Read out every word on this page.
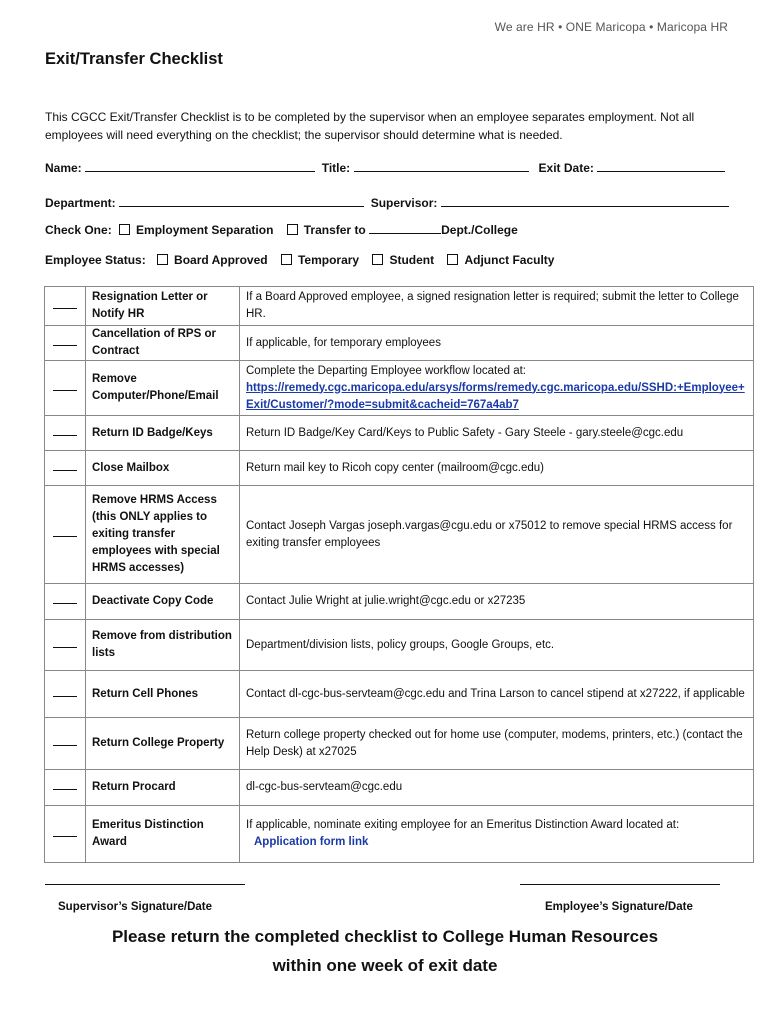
We are HR • ONE Maricopa • Maricopa HR
Exit/Transfer Checklist
This CGCC Exit/Transfer Checklist is to be completed by the supervisor when an employee separates employment. Not all employees will need everything on the checklist; the supervisor should determine what is needed.
Name:	Title:	Exit Date:
Department:	Supervisor:
Check One: Employment Separation	Transfer to	Dept./College
Employee Status: Board Approved	Temporary	Student	Adjunct Faculty
	Resignation Letter or Notify HR	If a Board Approved employee, a signed resignation letter is required; submit the letter to College HR.
	Cancellation of RPS or Contract	If applicable, for temporary employees
	Remove Computer/Phone/Email	Complete the Departing Employee workflow located at:
https://remedy.cgc.maricopa.edu/arsys/forms/remedy.cgc.maricopa.edu/SSHD:+Employee+Exit/Customer/?mode=submit&cacheid=767a4ab7
	Return ID Badge/Keys	Return ID Badge/Key Card/Keys to Public Safety - Gary Steele - gary.steele@cgc.edu
	Close Mailbox	Return mail key to Ricoh copy center (mailroom@cgc.edu)
	Remove HRMS Access (this ONLY applies to exiting transfer employees with special HRMS accesses)	Contact Joseph Vargas joseph.vargas@cgu.edu or x75012 to remove special HRMS access for exiting transfer employees
	Deactivate Copy Code	Contact Julie Wright at julie.wright@cgc.edu or x27235
	Remove from distribution lists	Department/division lists, policy groups, Google Groups, etc.
	Return Cell Phones	Contact dl-cgc-bus-servteam@cgc.edu and Trina Larson to cancel stipend at x27222, if applicable
	Return College Property	Return college property checked out for home use (computer, modems, printers, etc.) (contact the Help Desk) at x27025
	Return Procard	dl-cgc-bus-servteam@cgc.edu
	Emeritus Distinction Award	If applicable, nominate exiting employee for an Emeritus Distinction Award located at:
Application form link
Supervisor’s Signature/Date	Employee’s Signature/Date
Please return the completed checklist to College Human Resources
within one week of exit date
